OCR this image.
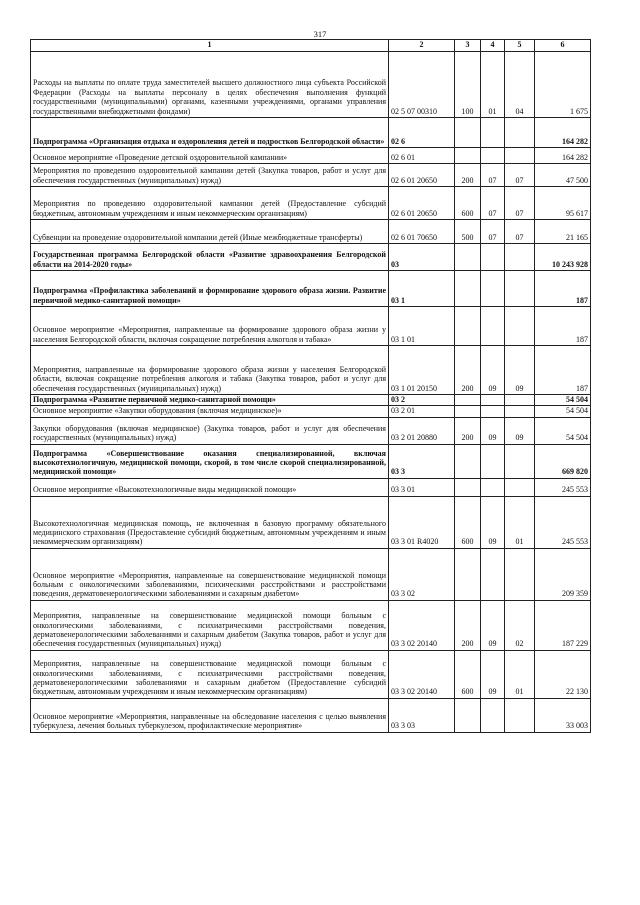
317
1	2	3	4	5	6
Расходы на выплаты по оплате труда заместителей высшего должностного лица субъекта Российской Федерации (Расходы на выплаты персоналу в целях обеспечения выполнения функций государственными (муниципальными) органами, казенными учреждениями, органами управления государственными внебюджетными фондами)	02 5 07 00310	100	01	04	1 675
Подпрограмма «Организация отдыха и оздоровления детей и подростков Белгородской области»	02 6				164 282
Основное мероприятие «Проведение детской оздоровительной кампании»	02 6 01				164 282
Мероприятия по проведению оздоровительной кампании детей (Закупка товаров, работ и услуг для обеспечения государственных (муниципальных) нужд)	02 6 01 20650	200	07	07	47 500
Мероприятия по проведению оздоровительной кампании детей (Предоставление субсидий бюджетным, автономным учреждениям и иным некоммерческим организациям)	02 6 01 20650	600	07	07	95 617
Субвенции на проведение оздоровительной компании детей (Иные межбюджетные трансферты)	02 6 01 70650	500	07	07	21 165
Государственная программа Белгородской области «Развитие здравоохранения Белгородской области на 2014-2020 годы»	03				10 243 928
Подпрограмма «Профилактика заболеваний и формирование здорового образа жизни. Развитие первичной медико-санитарной помощи»	03 1				187
Основное мероприятие «Мероприятия, направленные на формирование здорового образа жизни у населения Белгородской области, включая сокращение потребления алкоголя и табака»	03 1 01				187
Мероприятия, направленные на формирование здорового образа жизни у населения Белгородской области, включая сокращение потребления алкоголя и табака (Закупка товаров, работ и услуг для обеспечения государственных (муниципальных) нужд)	03 1 01 20150	200	09	09	187
Подпрограмма «Развитие первичной медико-санитарной помощи»	03 2				54 504
Основное мероприятие «Закупки оборудования (включая медицинское)»	03 2 01				54 504
Закупки оборудования (включая медицинское) (Закупка товаров, работ и услуг для обеспечения государственных (муниципальных) нужд)	03 2 01 20880	200	09	09	54 504
Подпрограмма «Совершенствование оказания специализированной, включая высокотехнологичную, медицинской помощи, скорой, в том числе скорой специализированной, медицинской помощи»	03 3				669 820
Основное мероприятие «Высокотехнологичные виды медицинской помощи»	03 3 01				245 553
Высокотехнологичная медицинская помощь, не включенная в базовую программу обязательного медицинского страхования (Предоставление субсидий бюджетным, автономным учреждениям и иным некоммерческим организациям)	03 3 01 R4020	600	09	01	245 553
Основное мероприятие «Мероприятия, направленные на совершенствование медицинской помощи больным с онкологическими заболеваниями, психическими расстройствами и расстройствами поведения, дерматовенерологическими заболеваниями и сахарным диабетом»	03 3 02				209 359
Мероприятия, направленные на совершенствование медицинской помощи больным с онкологическими заболеваниями, с психиатрическими расстройствами поведения, дерматовенерологическими заболеваниями и сахарным диабетом (Закупка товаров, работ и услуг для обеспечения государственных (муниципальных) нужд)	03 3 02 20140	200	09	02	187 229
Мероприятия, направленные на совершенствование медицинской помощи больным с онкологическими заболеваниями, с психиатрическими расстройствами поведения, дерматовенерологическими заболеваниями и сахарным диабетом (Предоставление субсидий бюджетным, автономным учреждениям и иным некоммерческим организациям)	03 3 02 20140	600	09	01	22 130
Основное мероприятие «Мероприятия, направленные на обследование населения с целью выявления туберкулеза, лечения больных туберкулезом, профилактические мероприятия»	03 3 03				33 003
